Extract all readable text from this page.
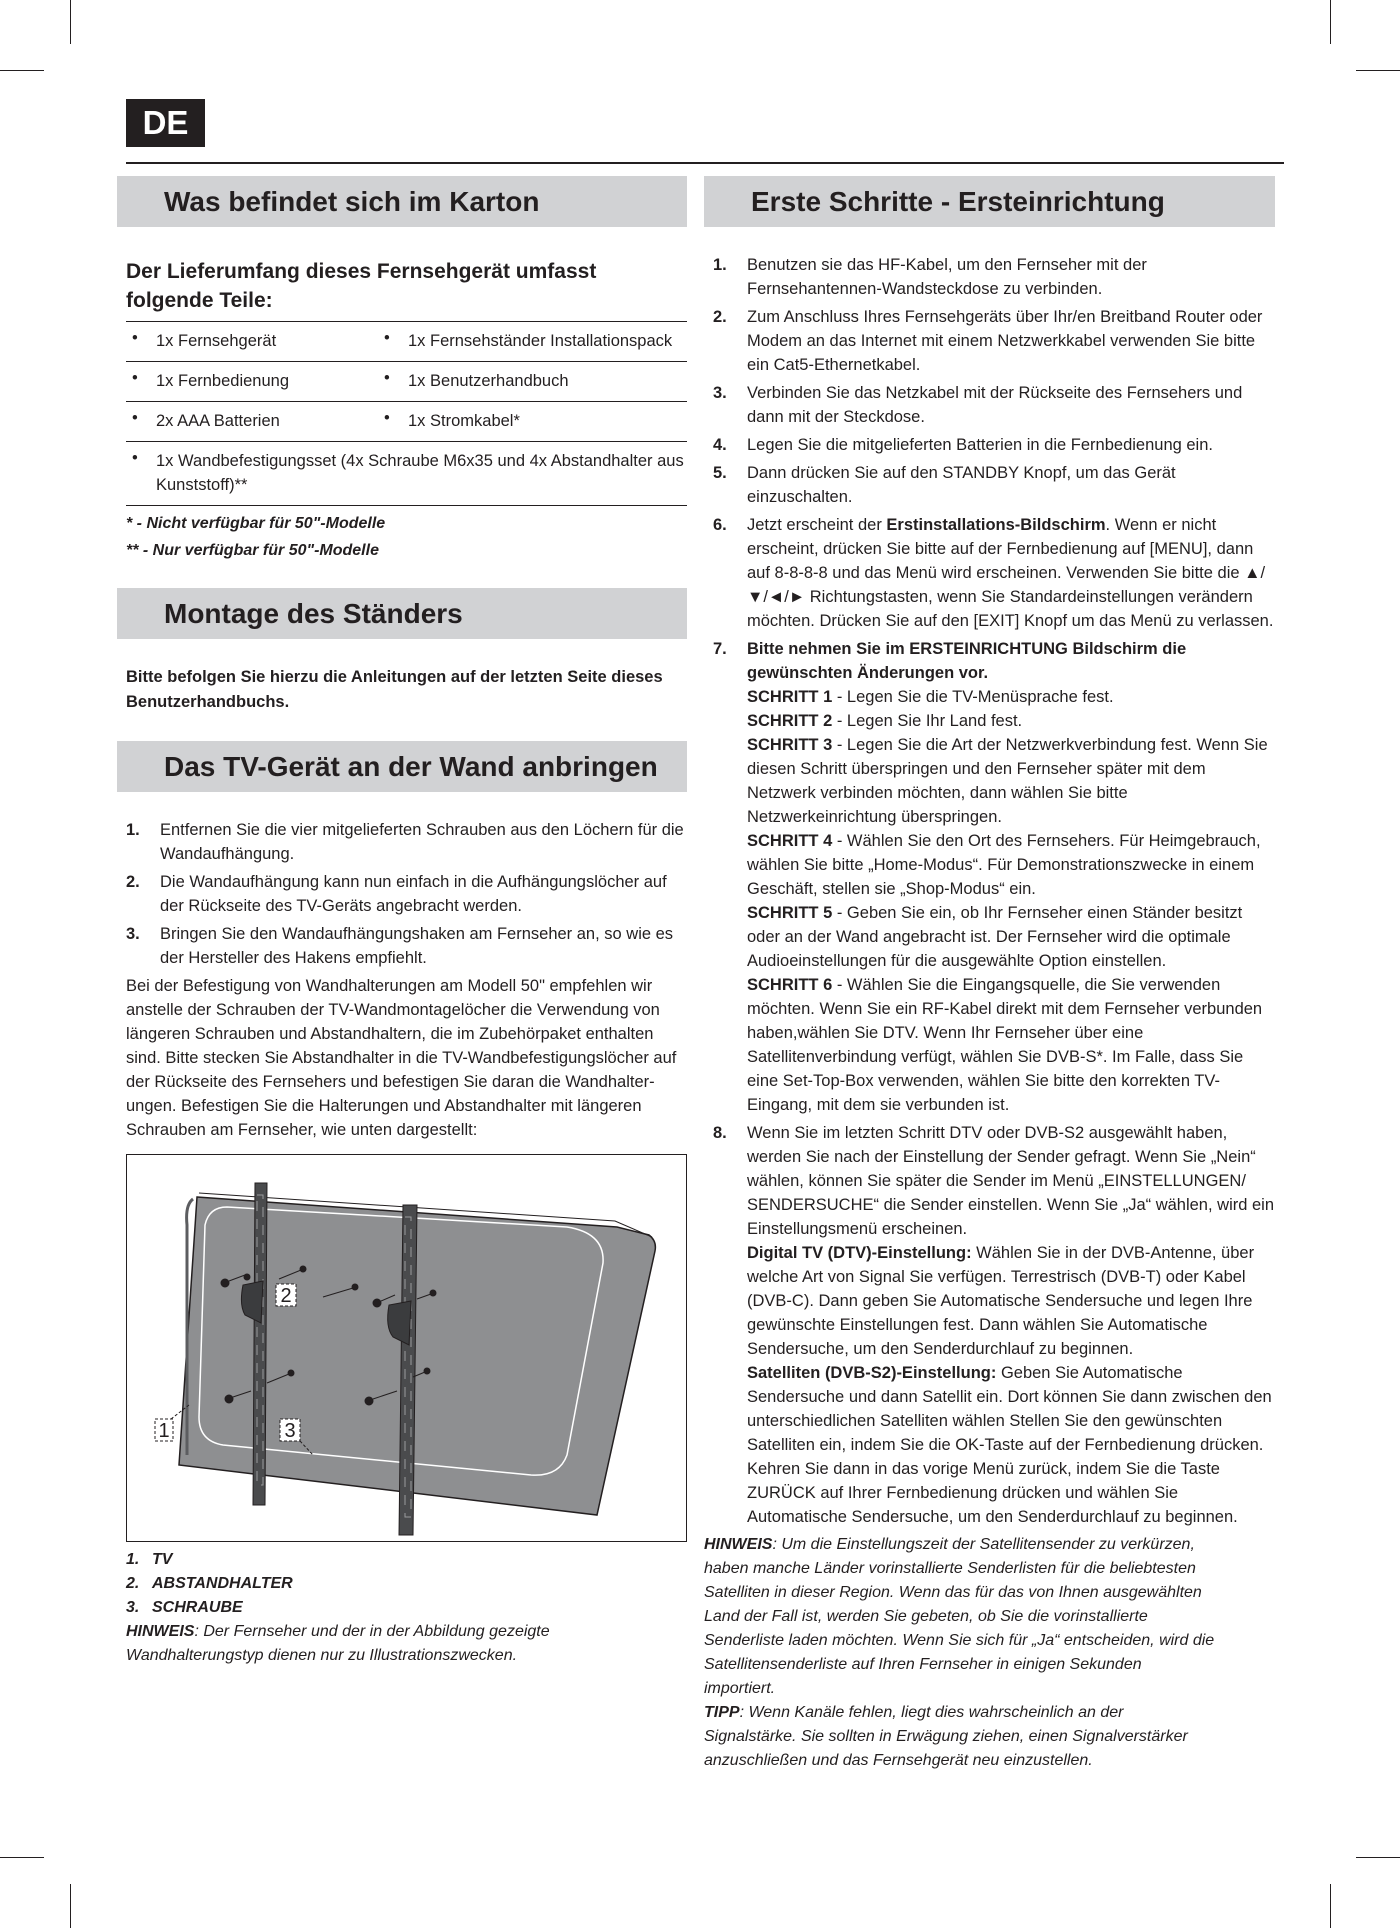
DE
Was befindet sich im Karton
Der Lieferumfang dieses Fernsehgerät umfasst folgende Teile:
• 1x Fernsehgerät	• 1x Fernsehständer Installationspack

• 1x Fernbedienung	• 1x Benutzerhandbuch

• 2x AAA Batterien	• 1x Stromkabel*

• 1x Wandbefestigungsset (4x Schraube M6x35 und 4x Abstandhalter aus Kunststoff)**	
* - Nicht verfügbar für 50"-Modelle
** - Nur verfügbar für 50"-Modelle
Montage des Ständers
Bitte befolgen Sie hierzu die Anleitungen auf der letzten Seite dieses Benutzerhandbuchs.
Das TV-Gerät an der Wand anbringen
1.	Entfernen Sie die vier mitgelieferten Schrauben aus den Löchern für die Wandaufhängung.
2.	Die Wandaufhängung kann nun einfach in die Aufhängungslöcher auf der Rückseite des TV-Geräts angebracht werden.
3.	Bringen Sie den Wandaufhängungshaken am Fernseher an, so wie es der Hersteller des Hakens empfiehlt.
Bei der Befestigung von Wandhalterungen am Modell 50" empfehlen wir anstelle der Schrauben der TV-Wandmontagelöcher die Verwendung von längeren Schrauben und Abstandhaltern, die im Zubehörpaket enthalten sind. Bitte stecken Sie Abstandhalter in die TV-Wandbefestigungslöcher auf der Rückseite des Fernsehers und befestigen Sie daran die Wandhalterungen. Befestigen Sie die Halterungen und Abstandhalter mit längeren Schrauben am Fernseher, wie unten dargestellt:
1
2
3
1. TV
2. ABSTANDHALTER
3. SCHRAUBE
HINWEIS: Der Fernseher und der in der Abbildung gezeigte Wandhalterungstyp dienen nur zu Illustrationszwecken.
Erste Schritte - Ersteinrichtung
1.	Benutzen sie das HF-Kabel, um den Fernseher mit der Fernsehantennen-Wandsteckdose zu verbinden.
2.	Zum Anschluss Ihres Fernsehgeräts über Ihr/en Breitband Router oder Modem an das Internet mit einem Netzwerkkabel verwenden Sie bitte ein Cat5-Ethernetkabel.
3.	Verbinden Sie das Netzkabel mit der Rückseite des Fernsehers und dann mit der Steckdose.
4.	Legen Sie die mitgelieferten Batterien in die Fernbedienung ein.
5.	Dann drücken Sie auf den STANDBY Knopf, um das Gerät einzuschalten.
6.	Jetzt erscheint der Erstinstallations-Bildschirm. Wenn er nicht erscheint, drücken Sie bitte auf der Fernbedienung auf [MENU], dann auf 8-8-8-8 und das Menü wird erscheinen. Verwenden Sie bitte die ▲/▼/◄/► Richtungstasten, wenn Sie Standardeinstellungen verändern möchten. Drücken Sie auf den [EXIT] Knopf um das Menü zu verlassen.
7.	Bitte nehmen Sie im ERSTEINRICHTUNG Bildschirm die gewünschten Änderungen vor.
SCHRITT 1 - Legen Sie die TV-Menüsprache fest.
SCHRITT 2 - Legen Sie Ihr Land fest.
SCHRITT 3 - Legen Sie die Art der Netzwerkverbindung fest. Wenn Sie diesen Schritt überspringen und den Fernseher später mit dem Netzwerk verbinden möchten, dann wählen Sie bitte Netzwerkeinrichtung überspringen.
SCHRITT 4 - Wählen Sie den Ort des Fernsehers. Für Heimgebrauch, wählen Sie bitte „Home-Modus“. Für Demonstrationszwecke in einem Geschäft, stellen sie „Shop-Modus“ ein.
SCHRITT 5 - Geben Sie ein, ob Ihr Fernseher einen Ständer besitzt oder an der Wand angebracht ist. Der Fernseher wird die optimale Audioeinstellungen für die ausgewählte Option einstellen.
SCHRITT 6 - Wählen Sie die Eingangsquelle, die Sie verwenden möchten. Wenn Sie ein RF-Kabel direkt mit dem Fernseher verbunden haben,wählen Sie DTV. Wenn Ihr Fernseher über eine Satellitenverbindung verfügt, wählen Sie DVB-S*. Im Falle, dass Sie eine Set-Top-Box verwenden, wählen Sie bitte den korrekten TV-Eingang, mit dem sie verbunden ist.
8.	Wenn Sie im letzten Schritt DTV oder DVB-S2 ausgewählt haben, werden Sie nach der Einstellung der Sender gefragt. Wenn Sie „Nein“ wählen, können Sie später die Sender im Menü „EINSTELLUNGEN/ SENDERSUCHE“ die Sender einstellen. Wenn Sie „Ja“ wählen, wird ein Einstellungsmenü erscheinen.
Digital TV (DTV)-Einstellung: Wählen Sie in der DVB-Antenne, über welche Art von Signal Sie verfügen. Terrestrisch (DVB-T) oder Kabel (DVB-C). Dann geben Sie Automatische Sendersuche und legen Ihre gewünschte Einstellungen fest. Dann wählen Sie Automatische Sendersuche, um den Senderdurchlauf zu beginnen.
Satelliten (DVB-S2)-Einstellung: Geben Sie Automatische Sendersuche und dann Satellit ein. Dort können Sie dann zwischen den unterschiedlichen Satelliten wählen Stellen Sie den gewünschten Satelliten ein, indem Sie die OK-Taste auf der Fernbedienung drücken. Kehren Sie dann in das vorige Menü zurück, indem Sie die Taste ZURÜCK auf Ihrer Fernbedienung drücken und wählen Sie Automatische Sendersuche, um den Senderdurchlauf zu beginnen.
HINWEIS: Um die Einstellungszeit der Satellitensender zu verkürzen, haben manche Länder vorinstallierte Senderlisten für die beliebtesten Satelliten in dieser Region. Wenn das für das von Ihnen ausgewählten Land der Fall ist, werden Sie gebeten, ob Sie die vorinstallierte Senderliste laden möchten. Wenn Sie sich für „Ja“ entscheiden, wird die Satellitensenderliste auf Ihren Fernseher in einigen Sekunden importiert.
TIPP: Wenn Kanäle fehlen, liegt dies wahrscheinlich an der Signalstärke. Sie sollten in Erwägung ziehen, einen Signalverstärker anzuschließen und das Fernsehgerät neu einzustellen.
